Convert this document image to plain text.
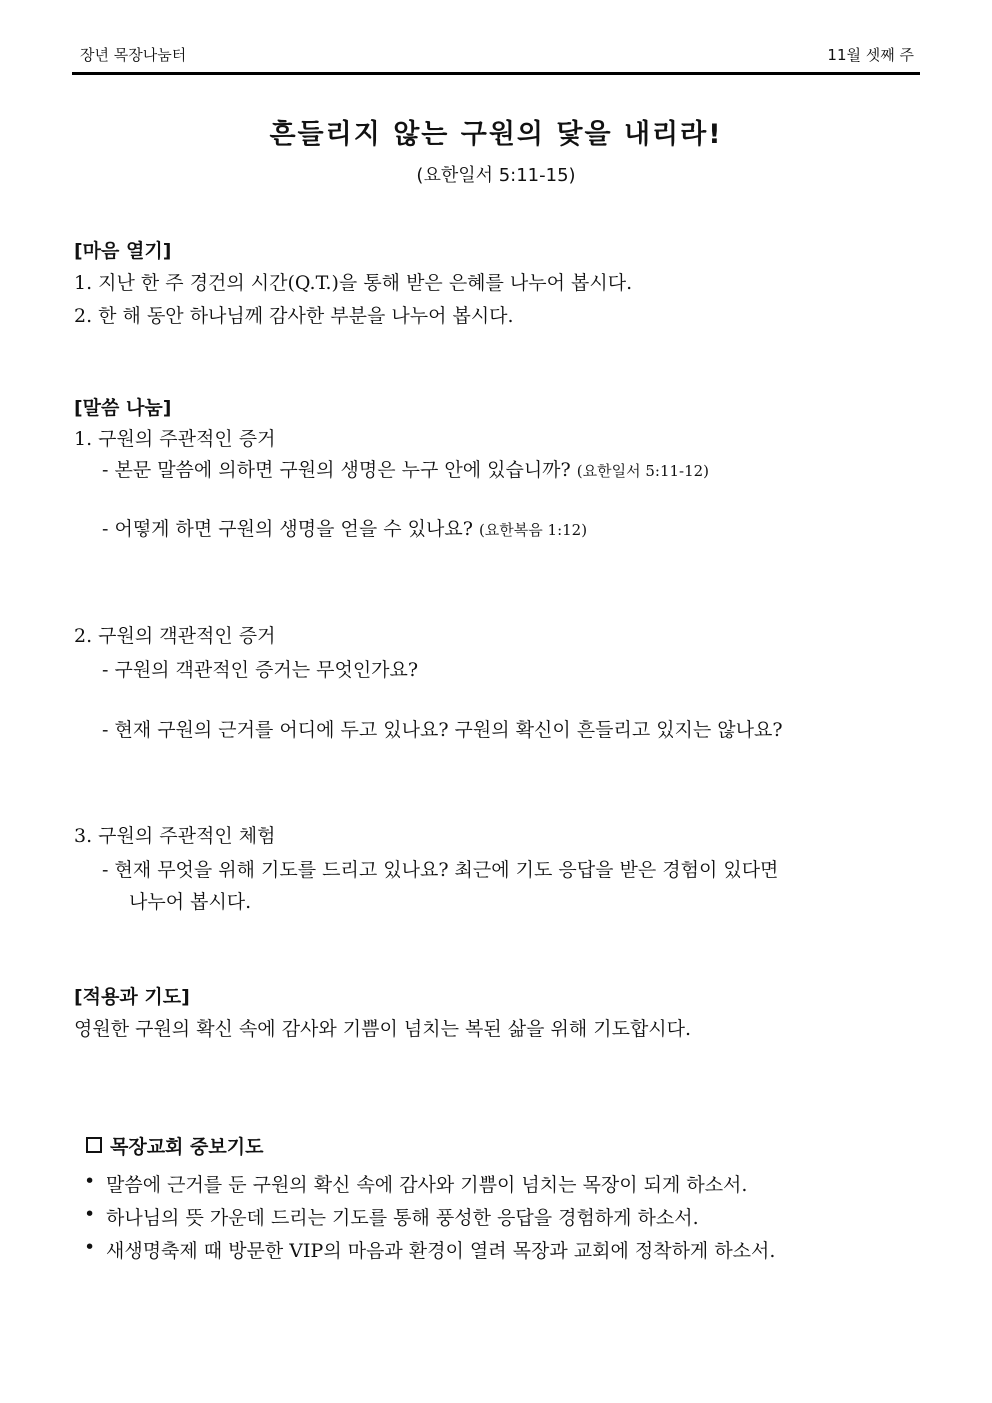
장년 목장나눔터	11월 셋째 주
흔들리지 않는 구원의 닻을 내리라!
(요한일서 5:11-15)
[마음 열기]
1. 지난 한 주 경건의 시간(Q.T.)을 통해 받은 은혜를 나누어 봅시다.
2. 한 해 동안 하나님께 감사한 부분을 나누어 봅시다.
[말씀 나눔]
1. 구원의 주관적인 증거
- 본문 말씀에 의하면 구원의 생명은 누구 안에 있습니까? (요한일서 5:11-12)
- 어떻게 하면 구원의 생명을 얻을 수 있나요? (요한복음 1:12)
2. 구원의 객관적인 증거
- 구원의 객관적인 증거는 무엇인가요?
- 현재 구원의 근거를 어디에 두고 있나요? 구원의 확신이 흔들리고 있지는 않나요?
3. 구원의 주관적인 체험
- 현재 무엇을 위해 기도를 드리고 있나요? 최근에 기도 응답을 받은 경험이 있다면
나누어 봅시다.
[적용과 기도]
영원한 구원의 확신 속에 감사와 기쁨이 넘치는 복된 삶을 위해 기도합시다.
목장교회 중보기도
• 말씀에 근거를 둔 구원의 확신 속에 감사와 기쁨이 넘치는 목장이 되게 하소서.
• 하나님의 뜻 가운데 드리는 기도를 통해 풍성한 응답을 경험하게 하소서.
• 새생명축제 때 방문한 VIP의 마음과 환경이 열려 목장과 교회에 정착하게 하소서.
